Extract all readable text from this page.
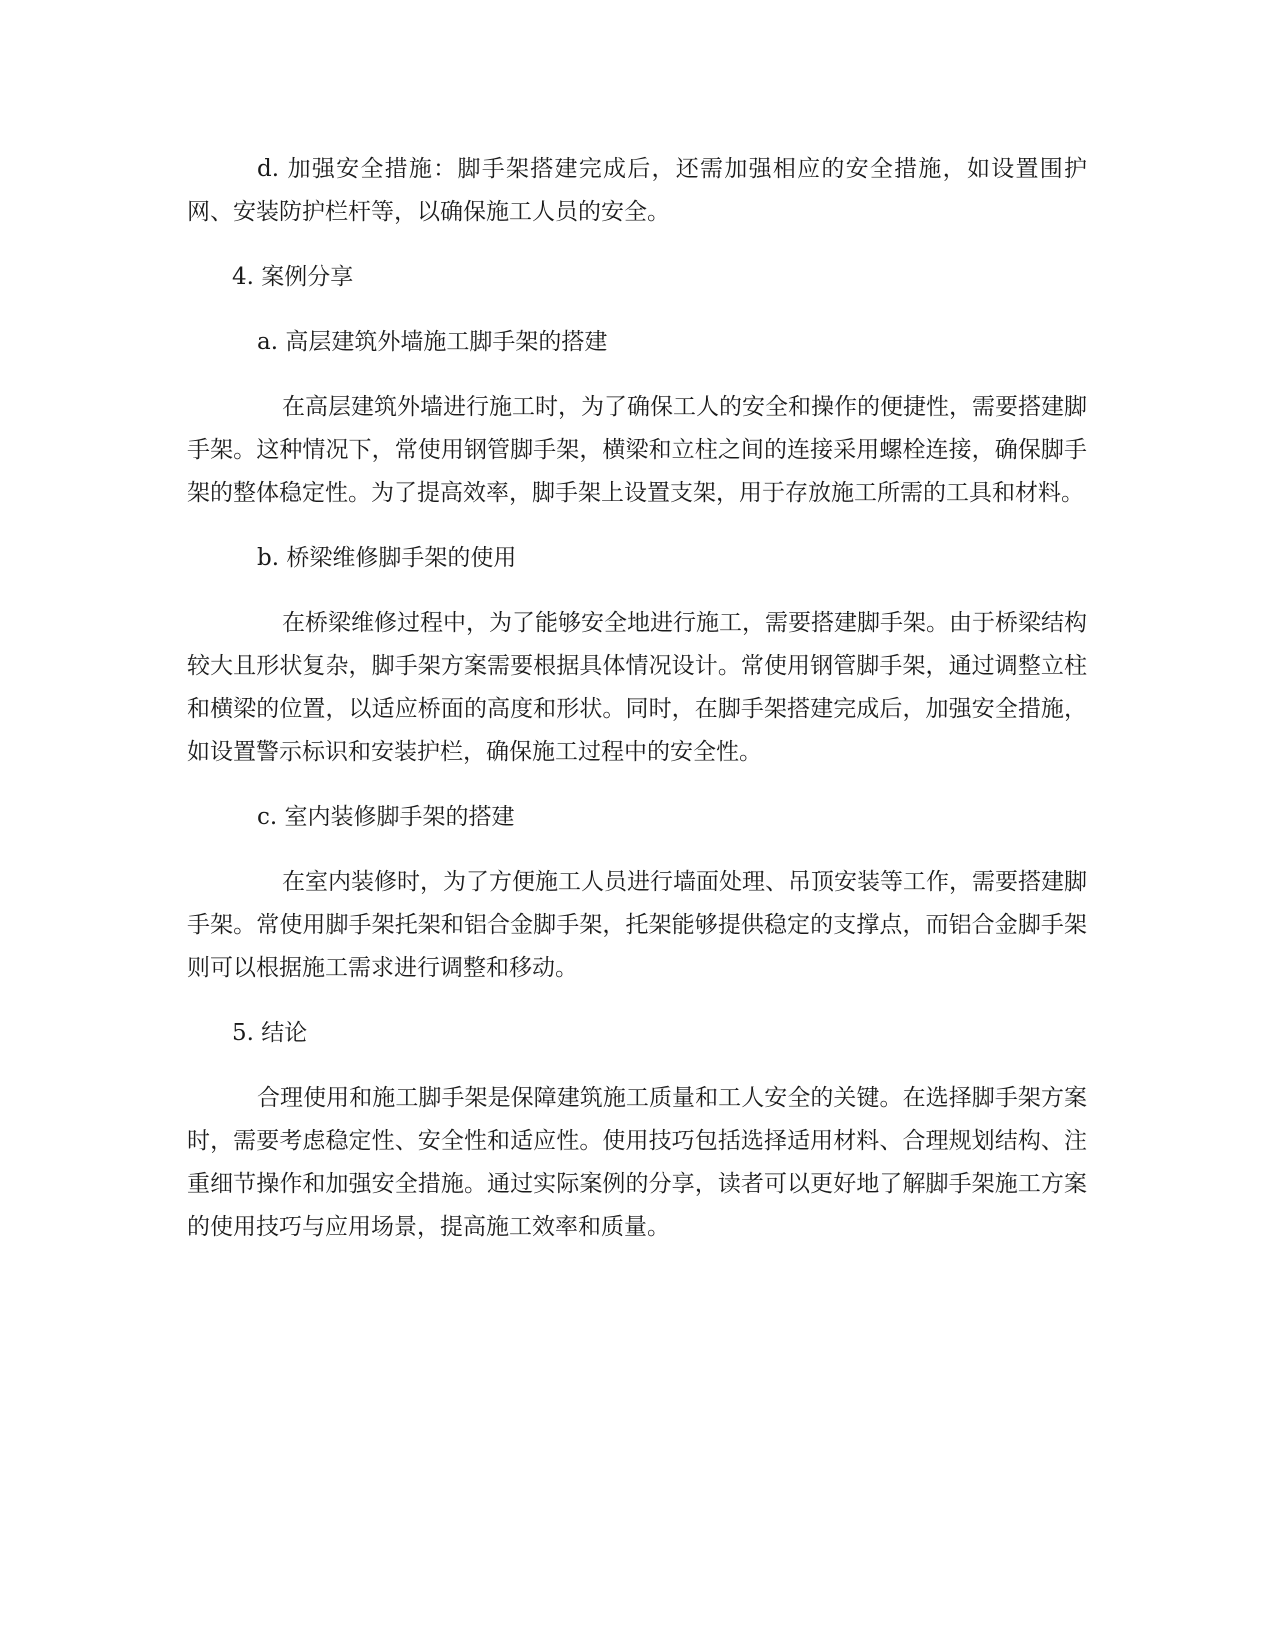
d. 加强安全措施：脚手架搭建完成后，还需加强相应的安全措施，如设置围护网、安装防护栏杆等，以确保施工人员的安全。

4. 案例分享

a. 高层建筑外墙施工脚手架的搭建

在高层建筑外墙进行施工时，为了确保工人的安全和操作的便捷性，需要搭建脚手架。这种情况下，常使用钢管脚手架，横梁和立柱之间的连接采用螺栓连接，确保脚手架的整体稳定性。为了提高效率，脚手架上设置支架，用于存放施工所需的工具和材料。

b. 桥梁维修脚手架的使用

在桥梁维修过程中，为了能够安全地进行施工，需要搭建脚手架。由于桥梁结构较大且形状复杂，脚手架方案需要根据具体情况设计。常使用钢管脚手架，通过调整立柱和横梁的位置，以适应桥面的高度和形状。同时，在脚手架搭建完成后，加强安全措施，如设置警示标识和安装护栏，确保施工过程中的安全性。

c. 室内装修脚手架的搭建

在室内装修时，为了方便施工人员进行墙面处理、吊顶安装等工作，需要搭建脚手架。常使用脚手架托架和铝合金脚手架，托架能够提供稳定的支撑点，而铝合金脚手架则可以根据施工需求进行调整和移动。

5. 结论

合理使用和施工脚手架是保障建筑施工质量和工人安全的关键。在选择脚手架方案时，需要考虑稳定性、安全性和适应性。使用技巧包括选择适用材料、合理规划结构、注重细节操作和加强安全措施。通过实际案例的分享，读者可以更好地了解脚手架施工方案的使用技巧与应用场景，提高施工效率和质量。
